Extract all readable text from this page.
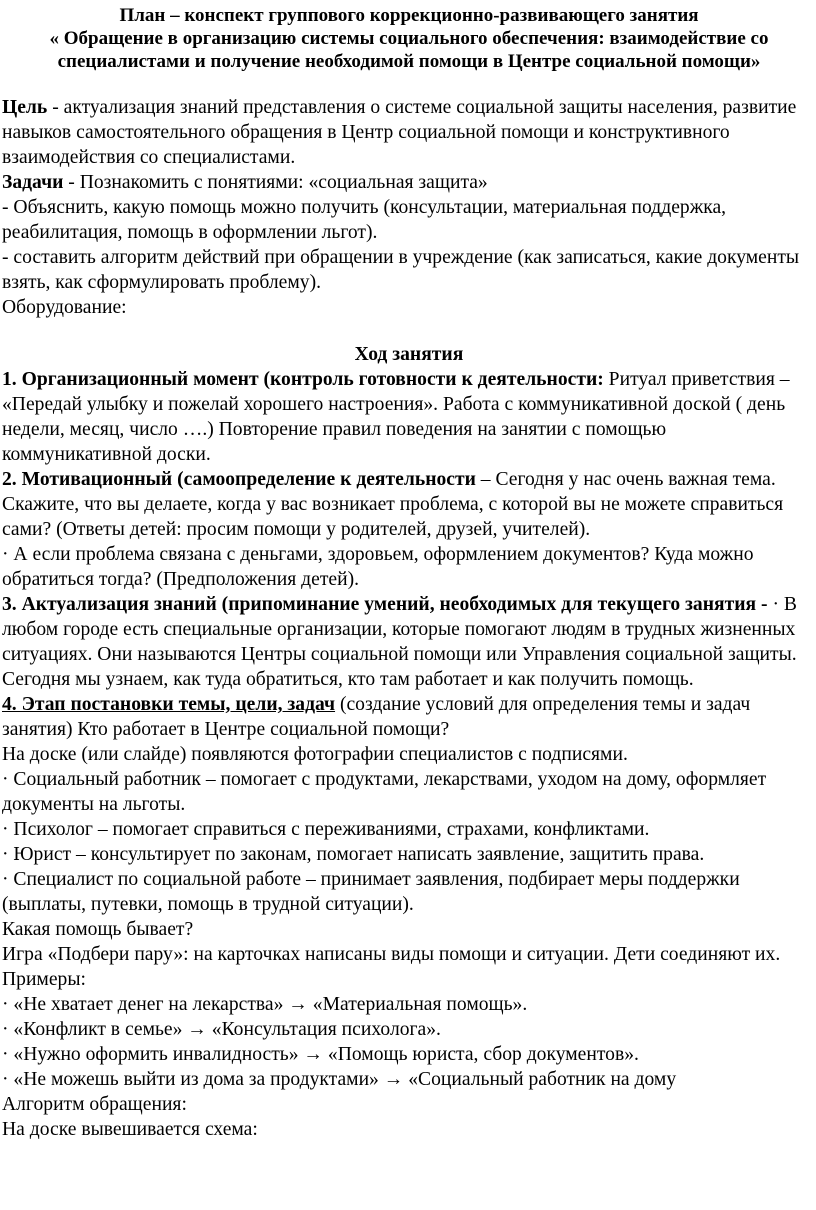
План – конспект группового коррекционно-развивающего занятия

« Обращение в организацию системы социального обеспечения: взаимодействие со

специалистами и получение необходимой помощи в Центре социальной помощи»

Цель - актуализация знаний представления о системе социальной защиты населения, развитие навыков самостоятельного обращения в Центр социальной помощи и конструктивного взаимодействия со специалистами.

Задачи - Познакомить с понятиями: «социальная защита»

- Объяснить, какую помощь можно получить (консультации, материальная поддержка, реабилитация, помощь в оформлении льгот).

- составить алгоритм действий при обращении в учреждение (как записаться, какие документы взять, как сформулировать проблему).

Оборудование:

Ход занятия

1. Организационный момент (контроль готовности к деятельности: Ритуал приветствия – «Передай улыбку и пожелай хорошего настроения». Работа с коммуникативной доской ( день недели, месяц, число ….) Повторение правил поведения на занятии с помощью коммуникативной доски.

2. Мотивационный (самоопределение к деятельности – Сегодня у нас очень важная тема. Скажите, что вы делаете, когда у вас возникает проблема, с которой вы не можете справиться сами? (Ответы детей: просим помощи у родителей, друзей, учителей).

· А если проблема связана с деньгами, здоровьем, оформлением документов? Куда можно обратиться тогда? (Предположения детей).

3. Актуализация знаний (припоминание умений, необходимых для текущего занятия - · В любом городе есть специальные организации, которые помогают людям в трудных жизненных ситуациях. Они называются Центры социальной помощи или Управления социальной защиты. Сегодня мы узнаем, как туда обратиться, кто там работает и как получить помощь.

4. Этап постановки темы, цели, задач (создание условий для определения темы и задач занятия) Кто работает в Центре социальной помощи?

На доске (или слайде) появляются фотографии специалистов с подписями.

· Социальный работник – помогает с продуктами, лекарствами, уходом на дому, оформляет документы на льготы.

· Психолог – помогает справиться с переживаниями, страхами, конфликтами.

· Юрист – консультирует по законам, помогает написать заявление, защитить права.

· Специалист по социальной работе – принимает заявления, подбирает меры поддержки (выплаты, путевки, помощь в трудной ситуации).

Какая помощь бывает?

Игра «Подбери пару»: на карточках написаны виды помощи и ситуации. Дети соединяют их.

Примеры:

· «Не хватает денег на лекарства» → «Материальная помощь».

· «Конфликт в семье» → «Консультация психолога».

· «Нужно оформить инвалидность» → «Помощь юриста, сбор документов».

· «Не можешь выйти из дома за продуктами» → «Социальный работник на дому

Алгоритм обращения:

На доске вывешивается схема:
